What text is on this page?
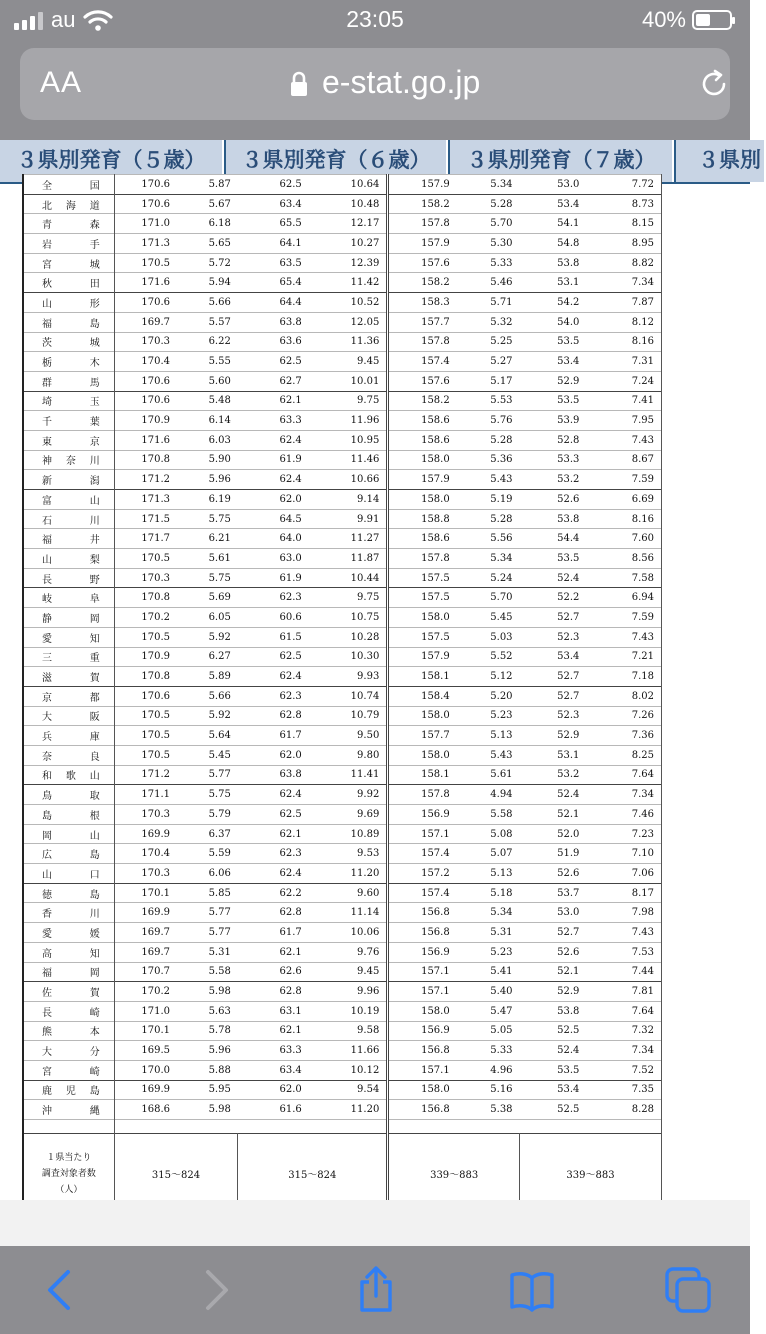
au	23:05	40%
AA	e-stat.go.jp
３県別発育（５歳）	３県別発育（６歳）	３県別発育（７歳）	３県別
全　国	170.6	5.87	62.5	10.64	157.9	5.34	53.0	7.72
北海道	170.6	5.67	63.4	10.48	158.2	5.28	53.4	8.73
青　森	171.0	6.18	65.5	12.17	157.8	5.70	54.1	8.15
岩　手	171.3	5.65	64.1	10.27	157.9	5.30	54.8	8.95
宮　城	170.5	5.72	63.5	12.39	157.6	5.33	53.8	8.82
秋　田	171.6	5.94	65.4	11.42	158.2	5.46	53.1	7.34
山　形	170.6	5.66	64.4	10.52	158.3	5.71	54.2	7.87
福　島	169.7	5.57	63.8	12.05	157.7	5.32	54.0	8.12
茨　城	170.3	6.22	63.6	11.36	157.8	5.25	53.5	8.16
栃　木	170.4	5.55	62.5	9.45	157.4	5.27	53.4	7.31
群　馬	170.6	5.60	62.7	10.01	157.6	5.17	52.9	7.24
埼　玉	170.6	5.48	62.1	9.75	158.2	5.53	53.5	7.41
千　葉	170.9	6.14	63.3	11.96	158.6	5.76	53.9	7.95
東　京	171.6	6.03	62.4	10.95	158.6	5.28	52.8	7.43
神奈川	170.8	5.90	61.9	11.46	158.0	5.36	53.3	8.67
新　潟	171.2	5.96	62.4	10.66	157.9	5.43	53.2	7.59
富　山	171.3	6.19	62.0	9.14	158.0	5.19	52.6	6.69
石　川	171.5	5.75	64.5	9.91	158.8	5.28	53.8	8.16
福　井	171.7	6.21	64.0	11.27	158.6	5.56	54.4	7.60
山　梨	170.5	5.61	63.0	11.87	157.8	5.34	53.5	8.56
長　野	170.3	5.75	61.9	10.44	157.5	5.24	52.4	7.58
岐　阜	170.8	5.69	62.3	9.75	157.5	5.70	52.2	6.94
静　岡	170.2	6.05	60.6	10.75	158.0	5.45	52.7	7.59
愛　知	170.5	5.92	61.5	10.28	157.5	5.03	52.3	7.43
三　重	170.9	6.27	62.5	10.30	157.9	5.52	53.4	7.21
滋　賀	170.8	5.89	62.4	9.93	158.1	5.12	52.7	7.18
京　都	170.6	5.66	62.3	10.74	158.4	5.20	52.7	8.02
大　阪	170.5	5.92	62.8	10.79	158.0	5.23	52.3	7.26
兵　庫	170.5	5.64	61.7	9.50	157.7	5.13	52.9	7.36
奈　良	170.5	5.45	62.0	9.80	158.0	5.43	53.1	8.25
和歌山	171.2	5.77	63.8	11.41	158.1	5.61	53.2	7.64
鳥　取	171.1	5.75	62.4	9.92	157.8	4.94	52.4	7.34
島　根	170.3	5.79	62.5	9.69	156.9	5.58	52.1	7.46
岡　山	169.9	6.37	62.1	10.89	157.1	5.08	52.0	7.23
広　島	170.4	5.59	62.3	9.53	157.4	5.07	51.9	7.10
山　口	170.3	6.06	62.4	11.20	157.2	5.13	52.6	7.06
徳　島	170.1	5.85	62.2	9.60	157.4	5.18	53.7	8.17
香　川	169.9	5.77	62.8	11.14	156.8	5.34	53.0	7.98
愛　媛	169.7	5.77	61.7	10.06	156.8	5.31	52.7	7.43
高　知	169.7	5.31	62.1	9.76	156.9	5.23	52.6	7.53
福　岡	170.7	5.58	62.6	9.45	157.1	5.41	52.1	7.44
佐　賀	170.2	5.98	62.8	9.96	157.1	5.40	52.9	7.81
長　崎	171.0	5.63	63.1	10.19	158.0	5.47	53.8	7.64
熊　本	170.1	5.78	62.1	9.58	156.9	5.05	52.5	7.32
大　分	169.5	5.96	63.3	11.66	156.8	5.33	52.4	7.34
宮　崎	170.0	5.88	63.4	10.12	157.1	4.96	53.5	7.52
鹿児島	169.9	5.95	62.0	9.54	158.0	5.16	53.4	7.35
沖　縄	168.6	5.98	61.6	11.20	156.8	5.38	52.5	8.28

１県当たり
調査対象者数
（人）	315〜824		315〜824		339〜883		339〜883	
